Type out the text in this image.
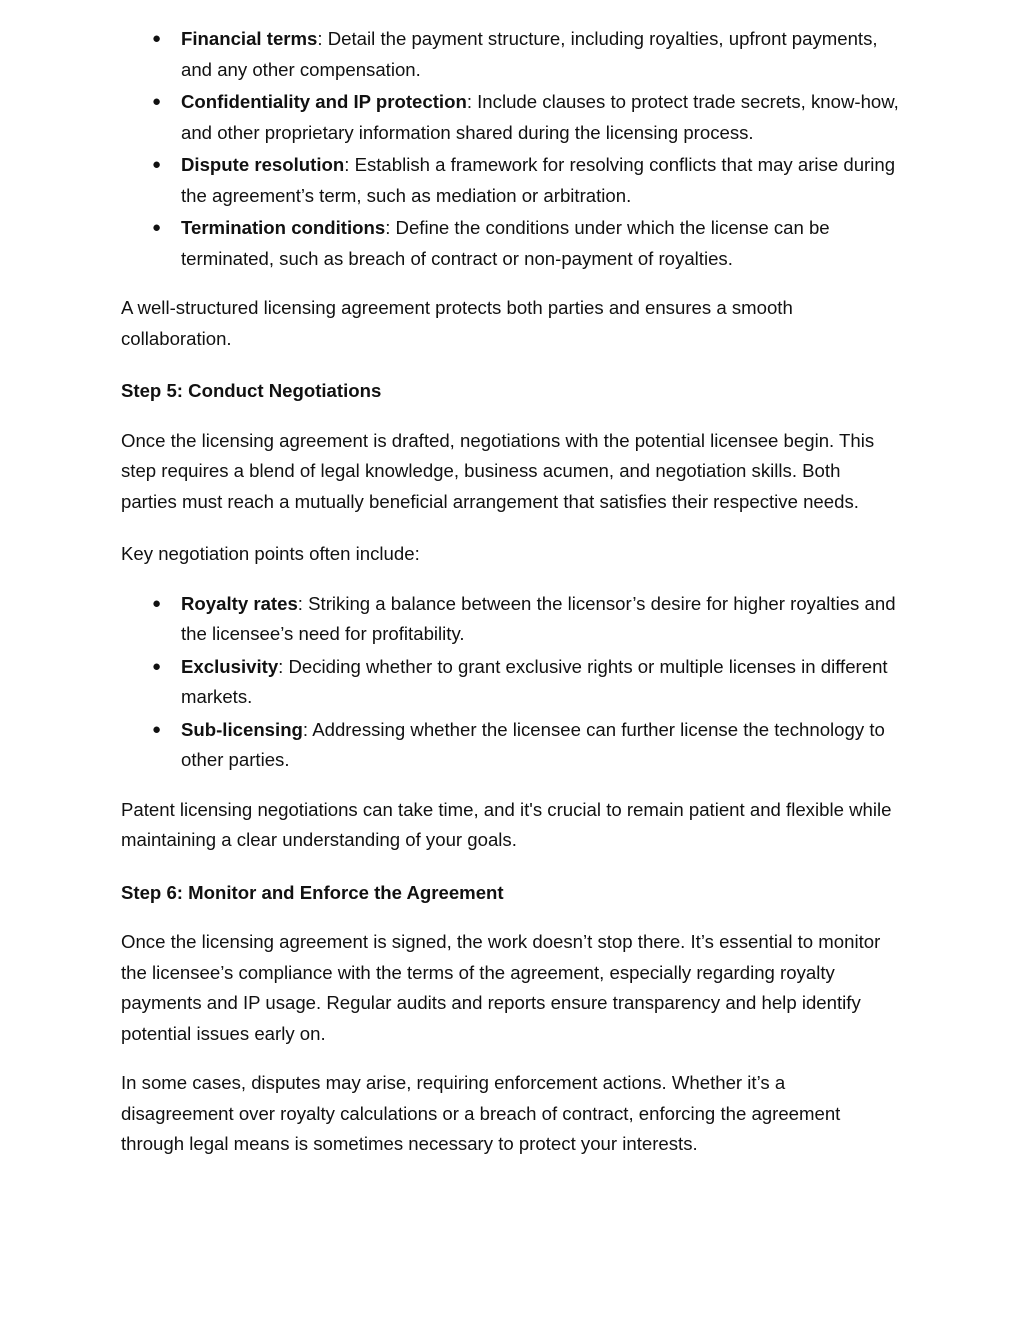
● Financial terms: Detail the payment structure, including royalties, upfront payments, and any other compensation.
● Confidentiality and IP protection: Include clauses to protect trade secrets, know-how, and other proprietary information shared during the licensing process.
● Dispute resolution: Establish a framework for resolving conflicts that may arise during the agreement’s term, such as mediation or arbitration.
● Termination conditions: Define the conditions under which the license can be terminated, such as breach of contract or non-payment of royalties.

A well-structured licensing agreement protects both parties and ensures a smooth collaboration.

Step 5: Conduct Negotiations

Once the licensing agreement is drafted, negotiations with the potential licensee begin. This step requires a blend of legal knowledge, business acumen, and negotiation skills. Both parties must reach a mutually beneficial arrangement that satisfies their respective needs.

Key negotiation points often include:

● Royalty rates: Striking a balance between the licensor’s desire for higher royalties and the licensee’s need for profitability.
● Exclusivity: Deciding whether to grant exclusive rights or multiple licenses in different markets.
● Sub-licensing: Addressing whether the licensee can further license the technology to other parties.

Patent licensing negotiations can take time, and it's crucial to remain patient and flexible while maintaining a clear understanding of your goals.

Step 6: Monitor and Enforce the Agreement

Once the licensing agreement is signed, the work doesn’t stop there. It’s essential to monitor the licensee’s compliance with the terms of the agreement, especially regarding royalty payments and IP usage. Regular audits and reports ensure transparency and help identify potential issues early on.

In some cases, disputes may arise, requiring enforcement actions. Whether it’s a disagreement over royalty calculations or a breach of contract, enforcing the agreement through legal means is sometimes necessary to protect your interests.
